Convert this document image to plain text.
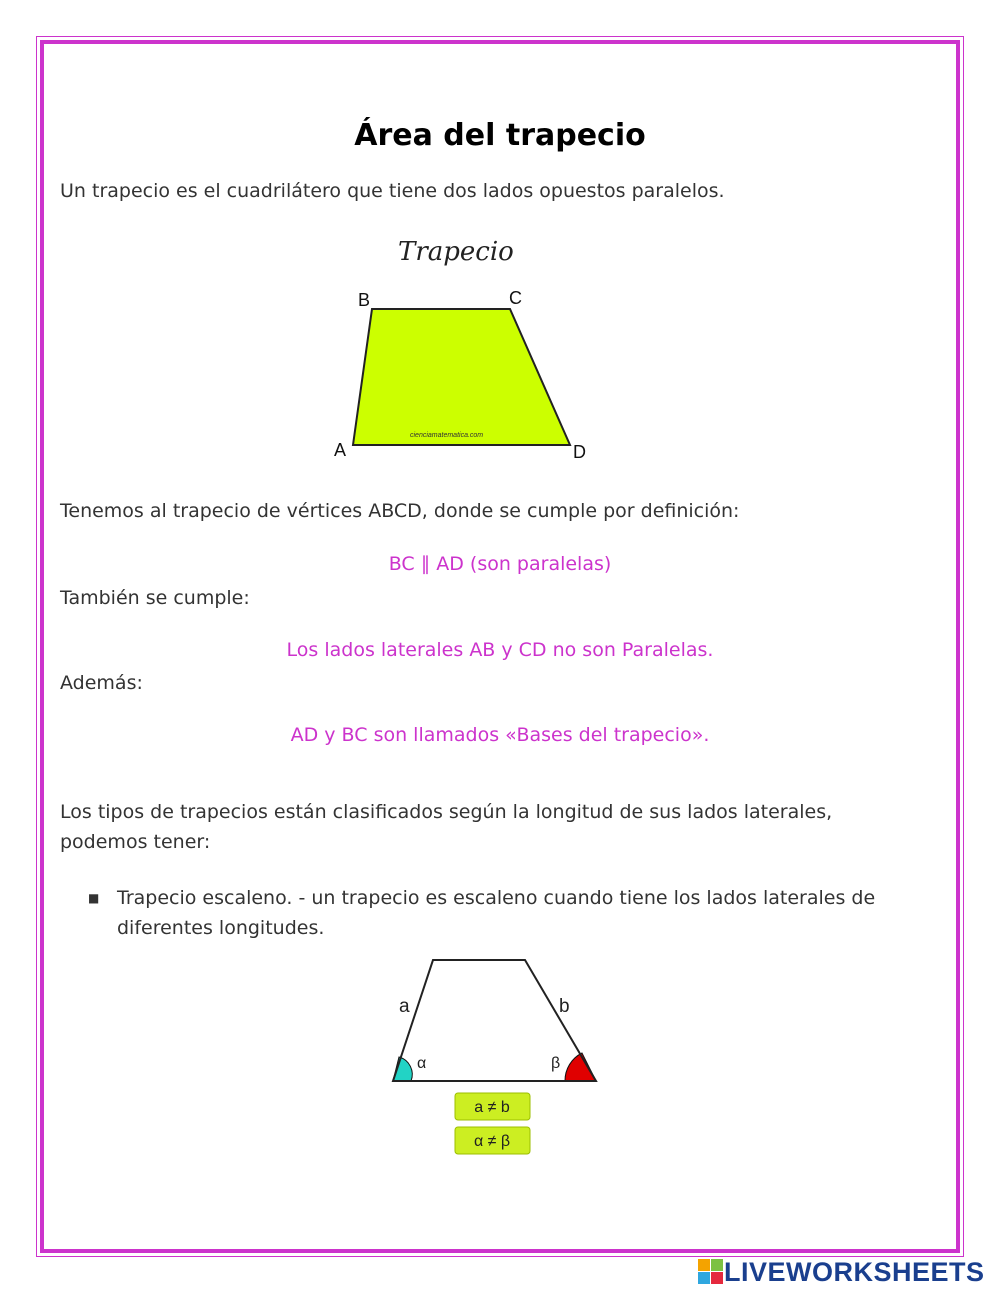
Área del trapecio
Un trapecio es el cuadrilátero que tiene dos lados opuestos paralelos.
Trapecio
B	C
A	D
cienciamatematica.com
Tenemos al trapecio de vértices ABCD, donde se cumple por definición:
BC ∥ AD (son paralelas)
También se cumple:
Los lados laterales AB y CD no son Paralelas.
Además:
AD y BC son llamados «Bases del trapecio».
Los tipos de trapecios están clasificados según la longitud de sus lados laterales, podemos tener:
■ Trapecio escaleno. - un trapecio es escaleno cuando tiene los lados laterales de diferentes longitudes.
a	b
α	β
a ≠ b
α ≠ β
LIVEWORKSHEETS
